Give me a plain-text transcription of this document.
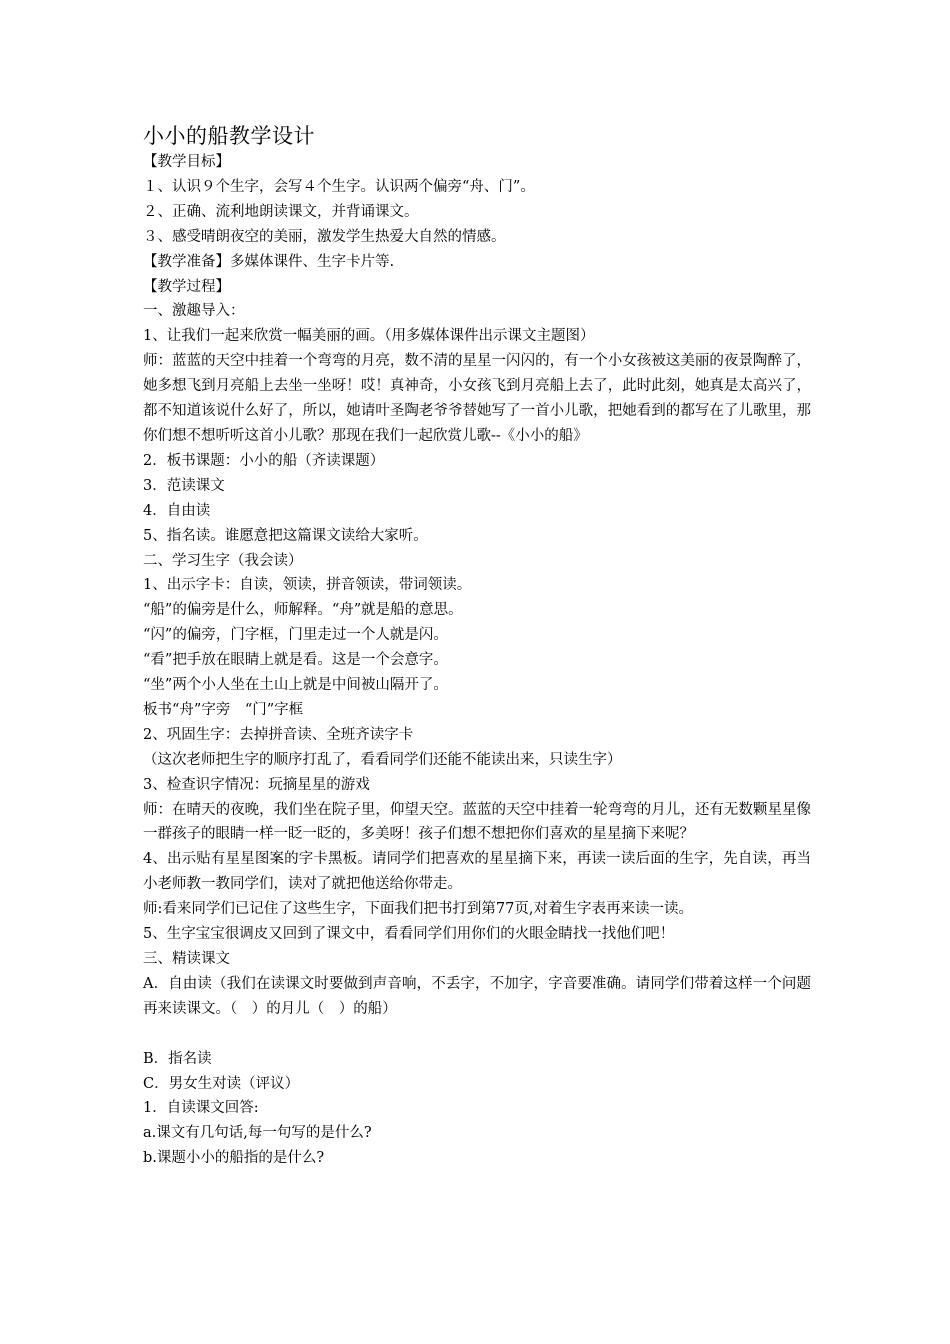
小小的船教学设计

【教学目标】

１、认识９个生字，会写４个生字。认识两个偏旁“舟、门”。

２、正确、流利地朗读课文，并背诵课文。

３、感受晴朗夜空的美丽，激发学生热爱大自然的情感。

【教学准备】多媒体课件、生字卡片等.

【教学过程】

一、激趣导入：

1、让我们一起来欣赏一幅美丽的画。（用多媒体课件出示课文主题图）

师：蓝蓝的天空中挂着一个弯弯的月亮，数不清的星星一闪闪的，有一个小女孩被这美丽的夜景陶醉了，她多想飞到月亮船上去坐一坐呀！哎！真神奇，小女孩飞到月亮船上去了，此时此刻，她真是太高兴了，都不知道该说什么好了，所以，她请叶圣陶老爷爷替她写了一首小儿歌，把她看到的都写在了儿歌里，那你们想不想听听这首小儿歌？那现在我们一起欣赏儿歌--《小小的船》

2．板书课题：小小的船（齐读课题）

3．范读课文

4．自由读

5、指名读。谁愿意把这篇课文读给大家听。

二、学习生字（我会读）

1、出示字卡：自读，领读，拼音领读，带词领读。

“船”的偏旁是什么，师解释。“舟”就是船的意思。

“闪”的偏旁，门字框，门里走过一个人就是闪。

“看”把手放在眼睛上就是看。这是一个会意字。

“坐”两个小人坐在土山上就是中间被山隔开了。

板书“舟”字旁　“门”字框

2、巩固生字：去掉拼音读、全班齐读字卡

（这次老师把生字的顺序打乱了，看看同学们还能不能读出来，只读生字）

3、检查识字情况：玩摘星星的游戏

师：在晴天的夜晚，我们坐在院子里，仰望天空。蓝蓝的天空中挂着一轮弯弯的月儿，还有无数颗星星像一群孩子的眼睛一样一眨一眨的，多美呀！孩子们想不想把你们喜欢的星星摘下来呢？

4、出示贴有星星图案的字卡黑板。请同学们把喜欢的星星摘下来，再读一读后面的生字，先自读，再当小老师教一教同学们，读对了就把他送给你带走。

师:看来同学们已记住了这些生字，下面我们把书打到第77页,对着生字表再来读一读。

5、生字宝宝很调皮又回到了课文中，看看同学们用你们的火眼金睛找一找他们吧！

三、精读课文

A．自由读（我们在读课文时要做到声音响，不丢字，不加字，字音要准确。请同学们带着这样一个问题再来读课文。（　）的月儿（　）的船）

B．指名读

C．男女生对读（评议）

1．自读课文回答:

a.课文有几句话,每一句写的是什么?

b.课题小小的船指的是什么?
